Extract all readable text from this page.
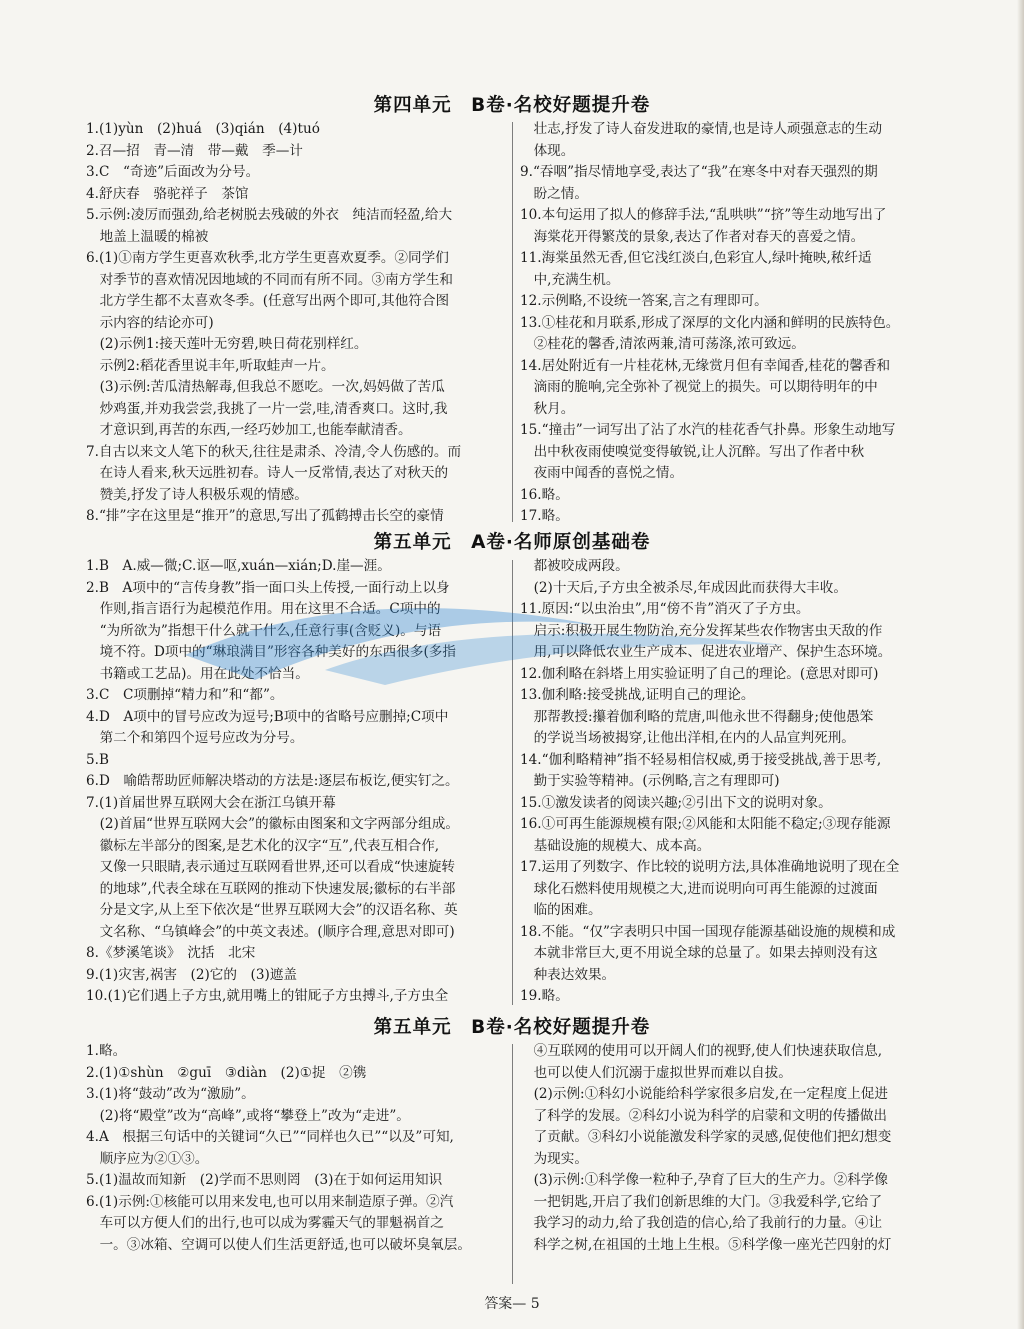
第四单元　B卷·名校好题提升卷
第五单元　A卷·名师原创基础卷
第五单元　B卷·名校好题提升卷
1.(1)yùn　(2)huá　(3)qián　(4)tuó
2.召—招　青—清　带—戴　季—计
3.C　“奇迹”后面改为分号。
4.舒庆春　骆驼祥子　茶馆
5.示例:凌厉而强劲,给老树脱去残破的外衣　纯洁而轻盈,给大
　地盖上温暖的棉被
6.(1)①南方学生更喜欢秋季,北方学生更喜欢夏季。②同学们
　对季节的喜欢情况因地域的不同而有所不同。③南方学生和
　北方学生都不太喜欢冬季。(任意写出两个即可,其他符合图
　示内容的结论亦可)
　(2)示例1:接天莲叶无穷碧,映日荷花别样红。
　示例2:稻花香里说丰年,听取蛙声一片。
　(3)示例:苦瓜清热解毒,但我总不愿吃。一次,妈妈做了苦瓜
　炒鸡蛋,并劝我尝尝,我挑了一片一尝,哇,清香爽口。这时,我
　才意识到,再苦的东西,一经巧妙加工,也能奉献清香。
7.自古以来文人笔下的秋天,往往是肃杀、冷清,令人伤感的。而
　在诗人看来,秋天远胜初春。诗人一反常情,表达了对秋天的
　赞美,抒发了诗人积极乐观的情感。
8.“排”字在这里是“推开”的意思,写出了孤鹤搏击长空的豪情
　壮志,抒发了诗人奋发进取的豪情,也是诗人顽强意志的生动
　体现。
9.“吞咽”指尽情地享受,表达了“我”在寒冬中对春天强烈的期
　盼之情。
10.本句运用了拟人的修辞手法,“乱哄哄”“挤”等生动地写出了
　海棠花开得繁茂的景象,表达了作者对春天的喜爱之情。
11.海棠虽然无香,但它浅红淡白,色彩宜人,绿叶掩映,秾纤适
　中,充满生机。
12.示例略,不设统一答案,言之有理即可。
13.①桂花和月联系,形成了深厚的文化内涵和鲜明的民族特色。
　②桂花的馨香,清浓两兼,清可荡涤,浓可致远。
14.居处附近有一片桂花林,无缘赏月但有幸闻香,桂花的馨香和
　滴雨的脆响,完全弥补了视觉上的损失。可以期待明年的中
　秋月。
15.“撞击”一词写出了沾了水汽的桂花香气扑鼻。形象生动地写
　出中秋夜雨使嗅觉变得敏锐,让人沉醉。写出了作者中秋
　夜雨中闻香的喜悦之情。
16.略。
17.略。
1.B　A.威—微;C.讴—呕,xuán—xián;D.崖—涯。
2.B　A项中的“言传身教”指一面口头上传授,一面行动上以身
　作则,指言语行为起模范作用。用在这里不合适。C项中的
　“为所欲为”指想干什么就干什么,任意行事(含贬义)。与语
　境不符。D项中的“琳琅满目”形容各种美好的东西很多(多指
　书籍或工艺品)。用在此处不恰当。
3.C　C项删掉“精力和”和“都”。
4.D　A项中的冒号应改为逗号;B项中的省略号应删掉;C项中
　第二个和第四个逗号应改为分号。
5.B
6.D　喻皓帮助匠师解决塔动的方法是:逐层布板讫,便实钉之。
7.(1)首届世界互联网大会在浙江乌镇开幕
　(2)首届“世界互联网大会”的徽标由图案和文字两部分组成。
　徽标左半部分的图案,是艺术化的汉字“互”,代表互相合作,
　又像一只眼睛,表示通过互联网看世界,还可以看成“快速旋转
　的地球”,代表全球在互联网的推动下快速发展;徽标的右半部
　分是文字,从上至下依次是“世界互联网大会”的汉语名称、英
　文名称、“乌镇峰会”的中英文表述。(顺序合理,意思对即可)
8.《梦溪笔谈》　沈括　北宋
9.(1)灾害,祸害　(2)它的　(3)遮盖
10.(1)它们遇上子方虫,就用嘴上的钳厑子方虫搏斗,子方虫全
　都被咬成两段。
　(2)十天后,子方虫全被杀尽,年成因此而获得大丰收。
11.原因:“以虫治虫”,用“傍不肯”消灭了子方虫。
　启示:积极开展生物防治,充分发挥某些农作物害虫天敌的作
　用,可以降低农业生产成本、促进农业增产、保护生态环境。
12.伽利略在斜塔上用实验证明了自己的理论。(意思对即可)
13.伽利略:接受挑战,证明自己的理论。
　那帮教授:攥着伽利略的荒唐,叫他永世不得翻身;使他愚笨
　的学说当场被揭穿,让他出洋相,在内的人品宣判死刑。
14.“伽利略精神”指不轻易相信权威,勇于接受挑战,善于思考,
　勤于实验等精神。(示例略,言之有理即可)
15.①激发读者的阅读兴趣;②引出下文的说明对象。
16.①可再生能源规模有限;②风能和太阳能不稳定;③现存能源
　基础设施的规模大、成本高。
17.运用了列数字、作比较的说明方法,具体准确地说明了现在全
　球化石燃料使用规模之大,进而说明向可再生能源的过渡面
　临的困难。
18.不能。“仅”字表明只中国一国现存能源基础设施的规模和成
　本就非常巨大,更不用说全球的总量了。如果去掉则没有这
　种表达效果。
19.略。
1.略。
2.(1)①shùn　②guī　③diàn　(2)①捉　②镌
3.(1)将“鼓动”改为“激励”。
　(2)将“殿堂”改为“高峰”,或将“攀登上”改为“走进”。
4.A　根据三句话中的关键词“久已”“同样也久已”“以及”可知,
　顺序应为②①③。
5.(1)温故而知新　(2)学而不思则罔　(3)在于如何运用知识
6.(1)示例:①核能可以用来发电,也可以用来制造原子弹。②汽
　车可以方便人们的出行,也可以成为雾霾天气的罪魁祸首之
　一。③冰箱、空调可以使人们生活更舒适,也可以破坏臭氧层。
　④互联网的使用可以开阔人们的视野,使人们快速获取信息,
　也可以使人们沉溺于虚拟世界而难以自拔。
　(2)示例:①科幻小说能给科学家很多启发,在一定程度上促进
　了科学的发展。②科幻小说为科学的启蒙和文明的传播做出
　了贡献。③科幻小说能激发科学家的灵感,促使他们把幻想变
　为现实。
　(3)示例:①科学像一粒种子,孕育了巨大的生产力。②科学像
　一把钥匙,开启了我们创新思维的大门。③我爱科学,它给了
　我学习的动力,给了我创造的信心,给了我前行的力量。④让
　科学之树,在祖国的土地上生根。⑤科学像一座光芒四射的灯
答案— 5
